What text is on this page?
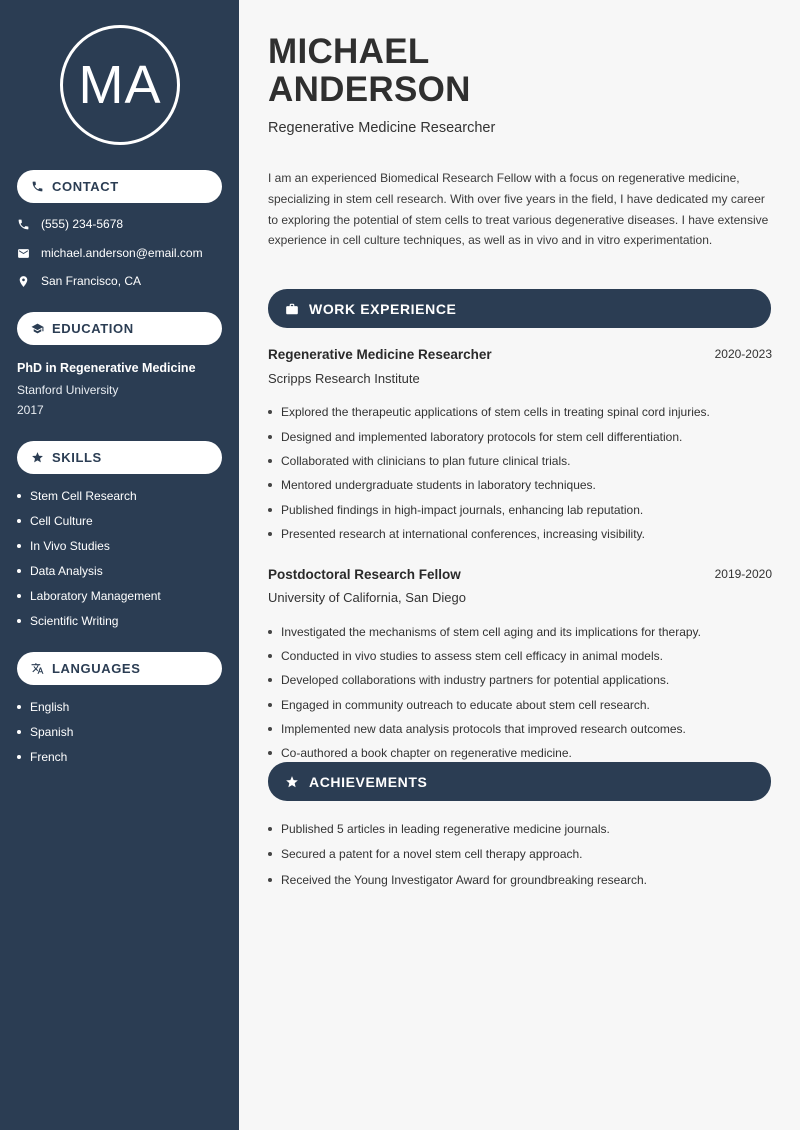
MA
CONTACT
(555) 234-5678
michael.anderson@email.com
San Francisco, CA
EDUCATION
PhD in Regenerative Medicine
Stanford University
2017
SKILLS
Stem Cell Research
Cell Culture
In Vivo Studies
Data Analysis
Laboratory Management
Scientific Writing
LANGUAGES
English
Spanish
French
MICHAEL
ANDERSON
Regenerative Medicine Researcher
I am an experienced Biomedical Research Fellow with a focus on regenerative medicine, specializing in stem cell research. With over five years in the field, I have dedicated my career to exploring the potential of stem cells to treat various degenerative diseases. I have extensive experience in cell culture techniques, as well as in vivo and in vitro experimentation.
WORK EXPERIENCE
Regenerative Medicine Researcher	2020-2023
Scripps Research Institute
Explored the therapeutic applications of stem cells in treating spinal cord injuries.
Designed and implemented laboratory protocols for stem cell differentiation.
Collaborated with clinicians to plan future clinical trials.
Mentored undergraduate students in laboratory techniques.
Published findings in high-impact journals, enhancing lab reputation.
Presented research at international conferences, increasing visibility.
Postdoctoral Research Fellow	2019-2020
University of California, San Diego
Investigated the mechanisms of stem cell aging and its implications for therapy.
Conducted in vivo studies to assess stem cell efficacy in animal models.
Developed collaborations with industry partners for potential applications.
Engaged in community outreach to educate about stem cell research.
Implemented new data analysis protocols that improved research outcomes.
Co-authored a book chapter on regenerative medicine.
ACHIEVEMENTS
Published 5 articles in leading regenerative medicine journals.
Secured a patent for a novel stem cell therapy approach.
Received the Young Investigator Award for groundbreaking research.
